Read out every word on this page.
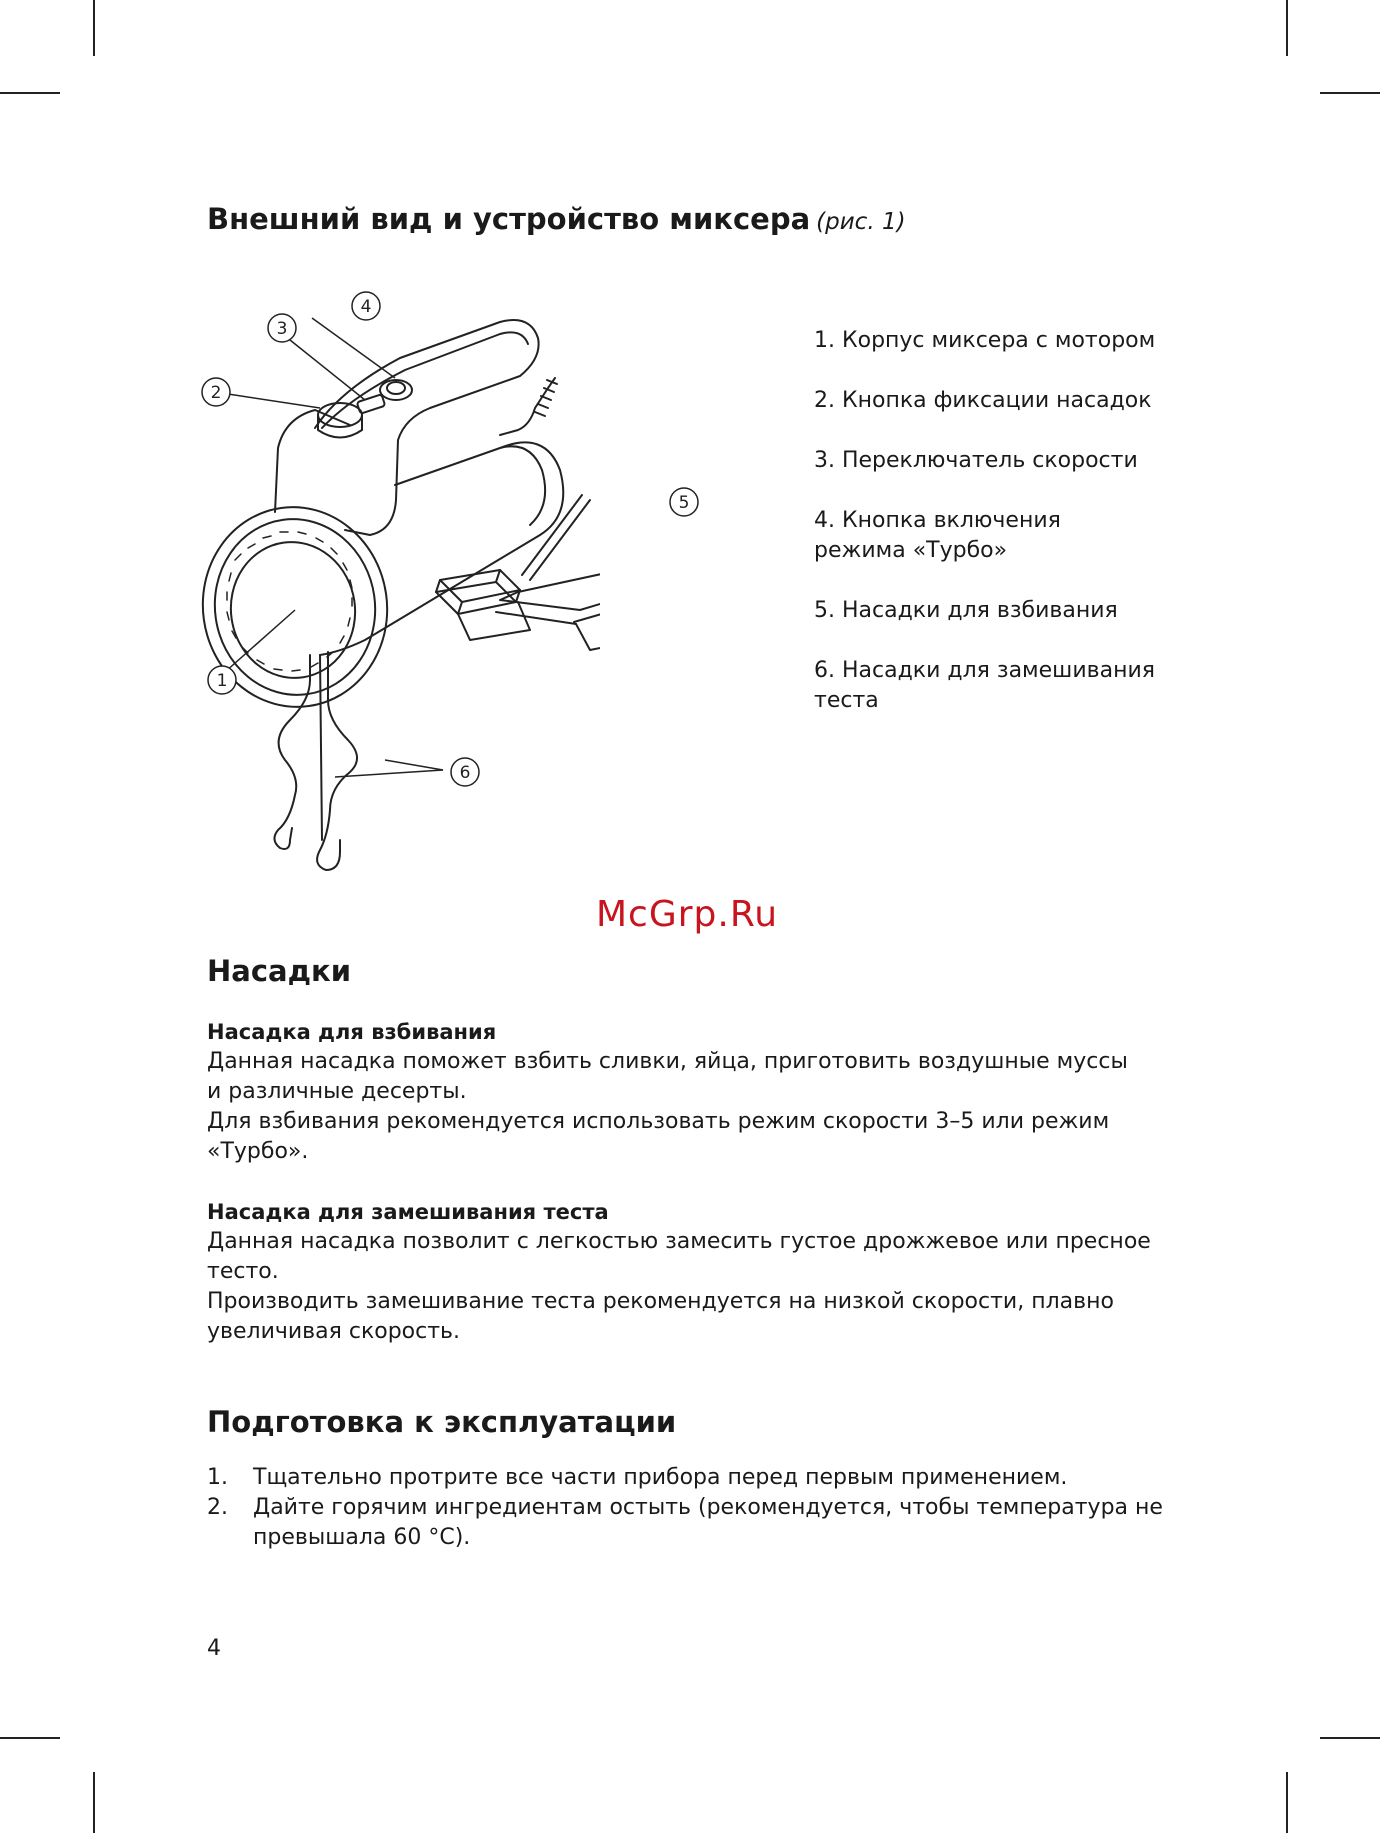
Внешний вид и устройство миксера (рис. 1)
2
3
4
1
6
5
1. Корпус миксера с мотором
2. Кнопка фиксации насадок
3. Переключатель скорости
4. Кнопка включения
режима «Турбо»
5. Насадки для взбивания
6. Насадки для замешивания
теста
McGrp.Ru
Насадки
Насадка для взбивания
Данная насадка поможет взбить сливки, яйца, приготовить воздушные муссы
и различные десерты.
Для взбивания рекомендуется использовать режим скорости 3–5 или режим
«Турбо».
Насадка для замешивания теста
Данная насадка позволит с легкостью замесить густое дрожжевое или пресное
тесто.
Производить замешивание теста рекомендуется на низкой скорости, плавно
увеличивая скорость.
Подготовка к эксплуатации
1. Тщательно протрите все части прибора перед первым применением.
2. Дайте горячим ингредиентам остыть (рекомендуется, чтобы температура не превышала 60 °C).
4
